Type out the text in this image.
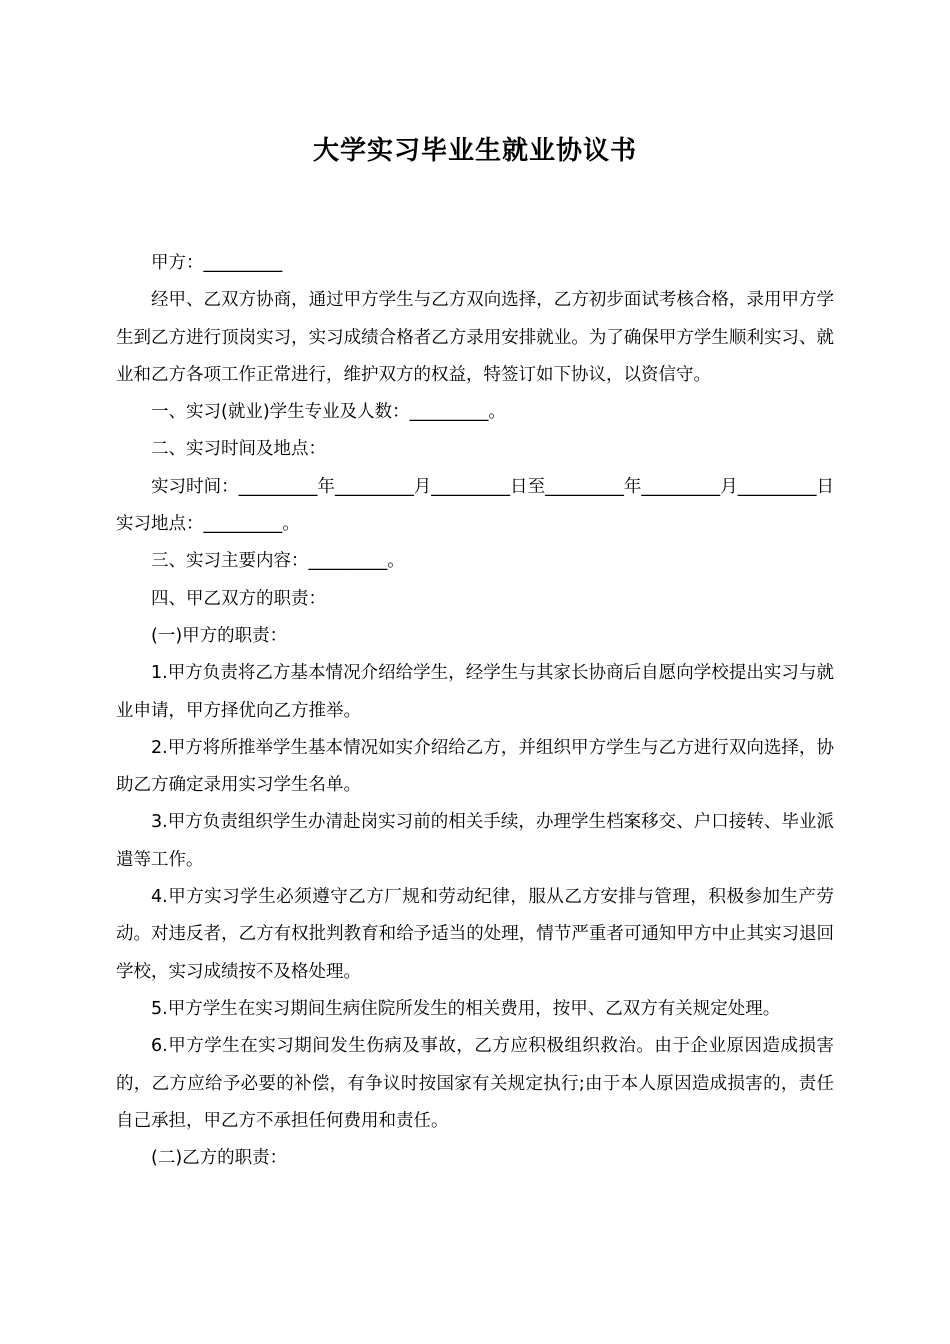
大学实习毕业生就业协议书

甲方：_________

经甲、乙双方协商，通过甲方学生与乙方双向选择，乙方初步面试考核合格，录用甲方学生到乙方进行顶岗实习，实习成绩合格者乙方录用安排就业。为了确保甲方学生顺利实习、就业和乙方各项工作正常进行，维护双方的权益，特签订如下协议，以资信守。

一、实习(就业)学生专业及人数：_________。

二、实习时间及地点：

实习时间：_________年_________月_________日至_________年_________月_________日　实习地点：_________。

三、实习主要内容：_________。

四、甲乙双方的职责：

(一)甲方的职责：

1.甲方负责将乙方基本情况介绍给学生，经学生与其家长协商后自愿向学校提出实习与就业申请，甲方择优向乙方推举。

2.甲方将所推举学生基本情况如实介绍给乙方，并组织甲方学生与乙方进行双向选择，协助乙方确定录用实习学生名单。

3.甲方负责组织学生办清赴岗实习前的相关手续，办理学生档案移交、户口接转、毕业派遣等工作。

4.甲方实习学生必须遵守乙方厂规和劳动纪律，服从乙方安排与管理，积极参加生产劳动。对违反者，乙方有权批判教育和给予适当的处理，情节严重者可通知甲方中止其实习退回学校，实习成绩按不及格处理。

5.甲方学生在实习期间生病住院所发生的相关费用，按甲、乙双方有关规定处理。

6.甲方学生在实习期间发生伤病及事故，乙方应积极组织救治。由于企业原因造成损害的，乙方应给予必要的补偿，有争议时按国家有关规定执行;由于本人原因造成损害的，责任自己承担，甲乙方不承担任何费用和责任。

(二)乙方的职责：
